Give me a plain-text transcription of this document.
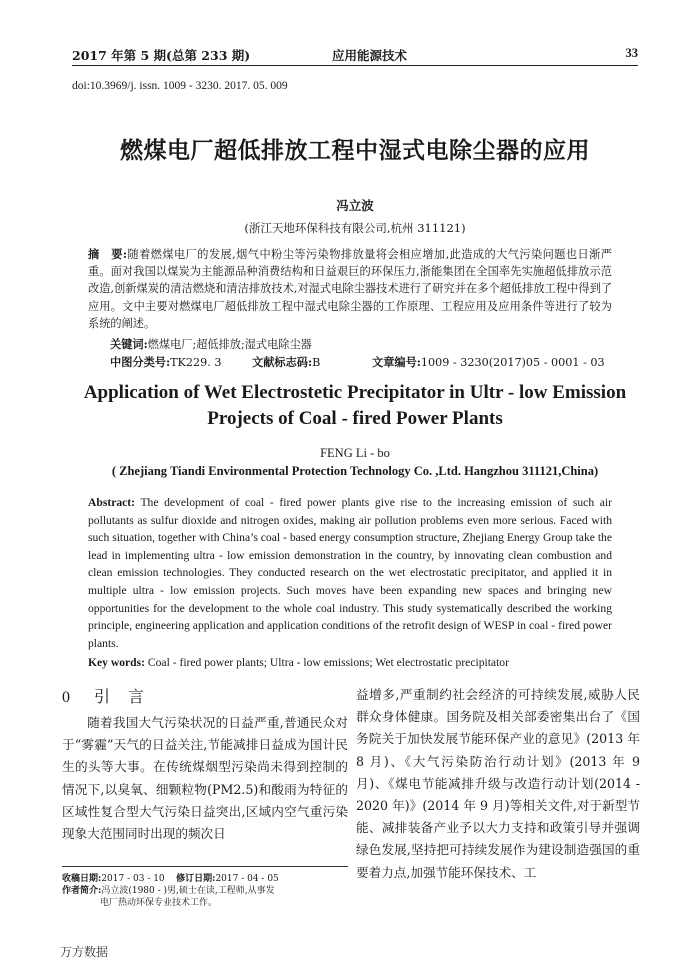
2017 年第 5 期(总第 233 期)	应用能源技术	33
doi:10.3969/j. issn. 1009 - 3230. 2017. 05. 009
燃煤电厂超低排放工程中湿式电除尘器的应用
冯立波
(浙江天地环保科技有限公司,杭州 311121)
摘　要:随着燃煤电厂的发展,烟气中粉尘等污染物排放量将会相应增加,此造成的大气污染问题也日渐严重。面对我国以煤炭为主能源品种消费结构和日益艰巨的环保压力,浙能集团在全国率先实施超低排放示范改造,创新煤炭的清洁燃烧和清洁排放技术,对湿式电除尘器技术进行了研究并在多个超低排放工程中得到了应用。文中主要对燃煤电厂超低排放工程中湿式电除尘器的工作原理、工程应用及应用条件等进行了较为系统的阐述。
关键词:燃煤电厂;超低排放;湿式电除尘器
中图分类号:TK229. 3	文献标志码:B	文章编号:1009 - 3230(2017)05 - 0001 - 03
Application of Wet Electrostetic Precipitator in Ultr - low Emission Projects of Coal - fired Power Plants
FENG Li - bo
( Zhejiang Tiandi Environmental Protection Technology Co. ,Ltd. Hangzhou 311121,China)
Abstract: The development of coal - fired power plants give rise to the increasing emission of such air pollutants as sulfur dioxide and nitrogen oxides, making air pollution problems even more serious. Faced with such situation, together with China’s coal - based energy consumption structure, Zhejiang Energy Group take the lead in implementing ultra - low emission demonstration in the country, by innovating clean combustion and clean emission technologies. They conducted research on the wet electrostatic precipitator, and applied it in multiple ultra - low emission projects. Such moves have been expanding new spaces and bringing new opportunities for the development to the whole coal industry. This study systematically described the working principle, engineering application and application conditions of the retrofit design of WESP in coal - fired power plants.
Key words: Coal - fired power plants; Ultra - low emissions; Wet electrostatic precipitator
0 引 言

随着我国大气污染状况的日益严重,普通民众对于“雾霾”天气的日益关注,节能减排日益成为国计民生的头等大事。在传统煤烟型污染尚未得到控制的情况下,以臭氧、细颗粒物(PM2.5)和酸雨为特征的区域性复合型大气污染日益突出,区域内空气重污染现象大范围同时出现的频次日

益增多,严重制约社会经济的可持续发展,威胁人民群众身体健康。国务院及相关部委密集出台了《国务院关于加快发展节能环保产业的意见》(2013 年 8 月)、《大气污染防治行动计划》(2013 年 9 月)、《煤电节能减排升级与改造行动计划(2014 - 2020 年)》(2014 年 9 月)等相关文件,对于新型节能、减排装备产业予以大力支持和政策引导并强调绿色发展,坚持把可持续发展作为建设制造强国的重要着力点,加强节能环保技术、工

收稿日期:2017 - 03 - 10 修订日期:2017 - 04 - 05
作者简介:冯立波(1980 - )男,硕士在读,工程师,从事发
电厂热动环保专业技术工作。
万方数据
